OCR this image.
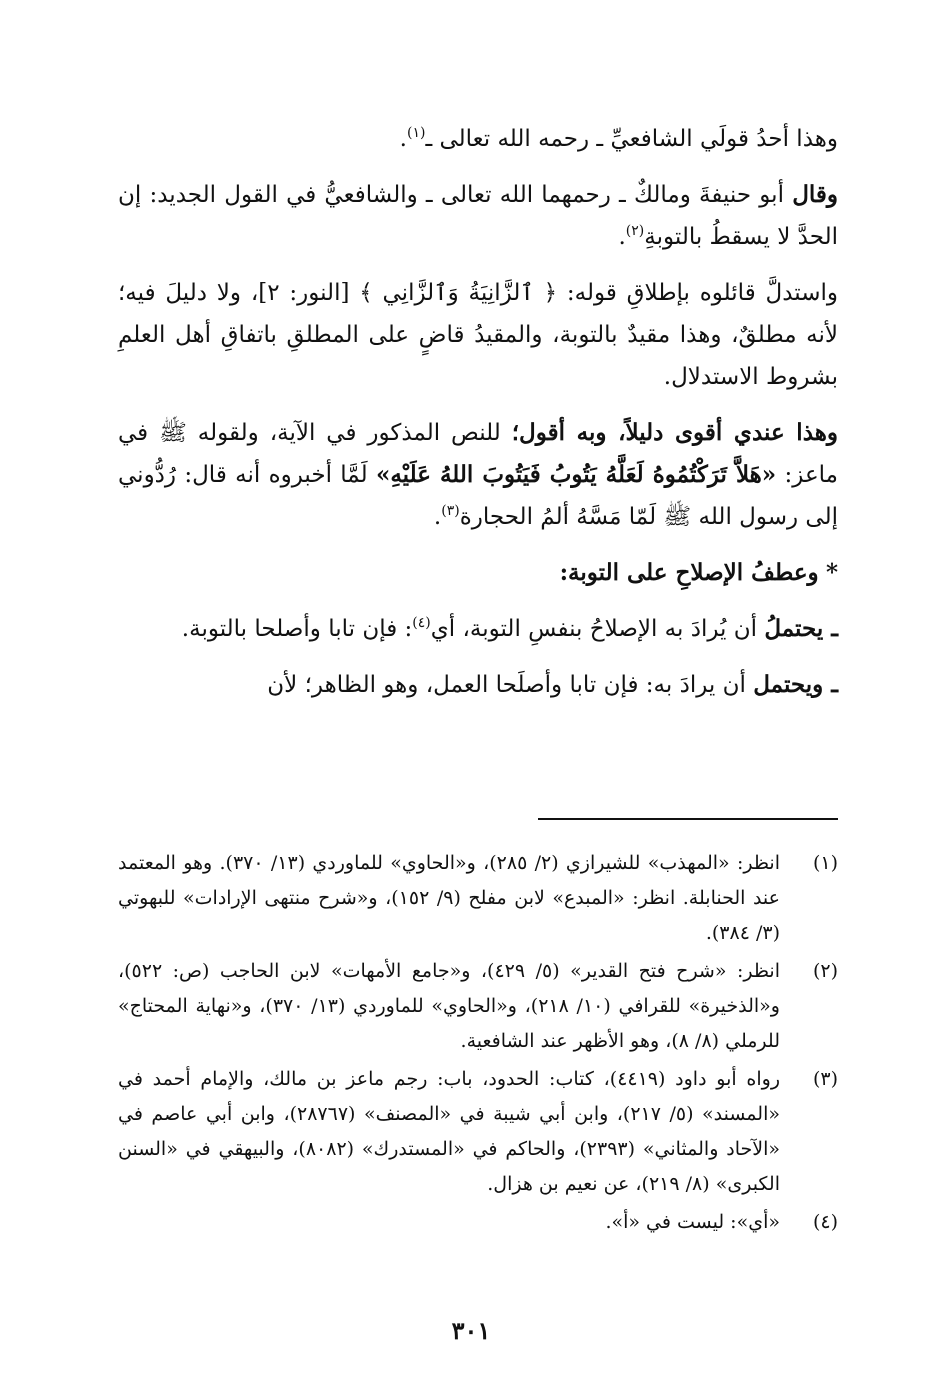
وهذا أحدُ قولَي الشافعيِّ ـ رحمه الله تعالى ـ$^{(١)}$.

وقال أبو حنيفةَ ومالكٌ ـ رحمهما الله تعالى ـ والشافعيُّ في القول الجديد: إن الحدَّ لا يسقطُ بالتوبةِ$^{(٢)}$.

واستدلَّ قائلوه بإطلاقِ قوله: ﴿ ٱلزَّانِيَةُ وَٱلزَّانِي ﴾ [النور: ٢]، ولا دليلَ فيه؛ لأنه مطلقٌ، وهذا مقيدٌ بالتوبة، والمقيدُ قاضٍ على المطلقِ باتفاقِ أهل العلمِ بشروط الاستدلال.

وهذا عندي أقوى دليلاً، وبه أقول؛ للنص المذكور في الآية، ولقوله ﷺ في ماعز: «هَلاَّ تَرَكْتُمُوهُ لَعَلَّهُ يَتُوبُ فَيَتُوبَ اللهُ عَلَيْهِ» لَمَّا أخبروه أنه قال: رُدُّوني إلى رسول الله ﷺ لَمّا مَسَّهُ ألمُ الحجارة$^{(٣)}$.

* وعطفُ الإصلاحِ على التوبة:

ـ يحتملُ أن يُرادَ به الإصلاحُ بنفسِ التوبة، أي$^{(٤)}$: فإن تابا وأصلحا بالتوبة.

ـ ويحتمل أن يرادَ به: فإن تابا وأصلَحا العمل، وهو الظاهر؛ لأن

(١)
انظر: «المهذب» للشيرازي (٢/ ٢٨٥)، و«الحاوي» للماوردي (١٣/ ٣٧٠). وهو المعتمد عند الحنابلة. انظر: «المبدع» لابن مفلح (٩/ ١٥٢)، و«شرح منتهى الإرادات» للبهوتي (٣/ ٣٨٤).
(٢)
انظر: «شرح فتح القدير» (٥/ ٤٢٩)، و«جامع الأمهات» لابن الحاجب (ص: ٥٢٢)، و«الذخيرة» للقرافي (١٠/ ٢١٨)، و«الحاوي» للماوردي (١٣/ ٣٧٠)، و«نهاية المحتاج» للرملي (٨/ ٨)، وهو الأظهر عند الشافعية.
(٣)
رواه أبو داود (٤٤١٩)، كتاب: الحدود، باب: رجم ماعز بن مالك، والإمام أحمد في «المسند» (٥/ ٢١٧)، وابن أبي شيبة في «المصنف» (٢٨٧٦٧)، وابن أبي عاصم في «الآحاد والمثاني» (٢٣٩٣)، والحاكم في «المستدرك» (٨٠٨٢)، والبيهقي في «السنن الكبرى» (٨/ ٢١٩)، عن نعيم بن هزال.
(٤)
«أي»: ليست في «أ».
٣٠١
